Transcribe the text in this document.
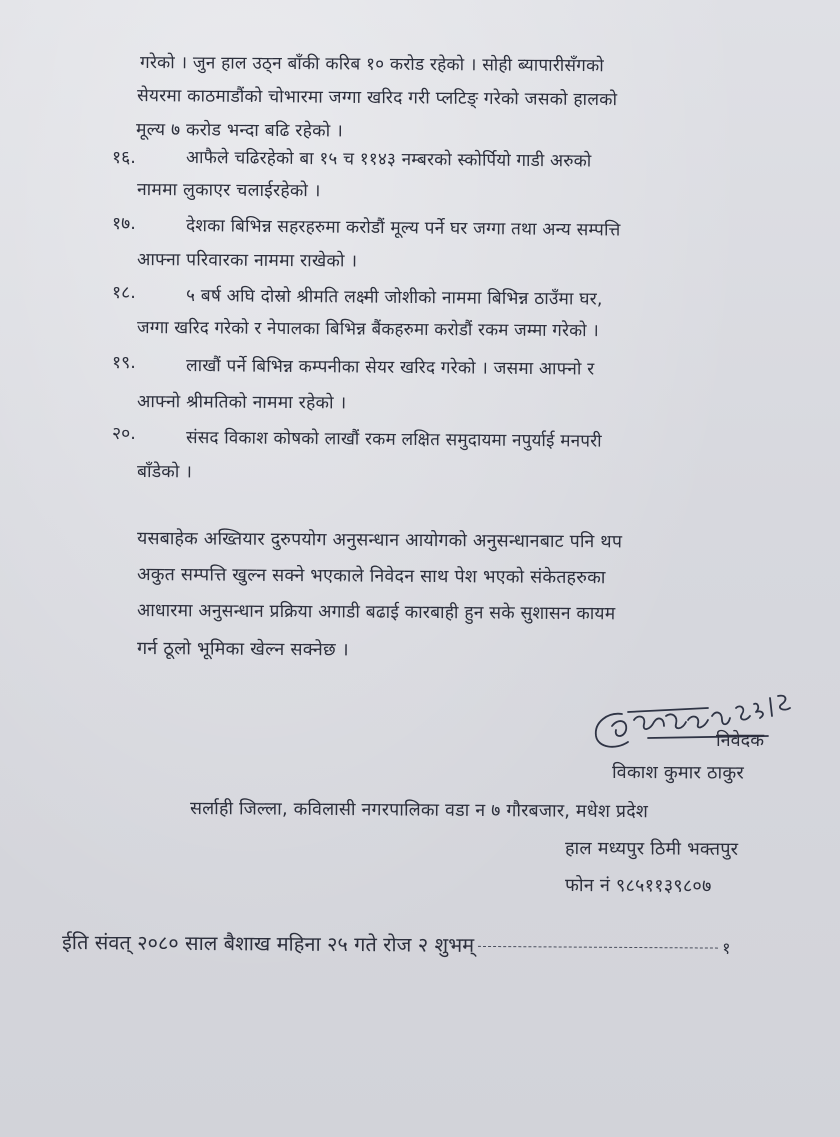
गरेको । जुन हाल उठ्न बाँकी करिब १० करोड रहेको । सोही ब्यापारीसँगको
सेयरमा काठमाडौंको चोभारमा जग्गा खरिद गरी प्लटिङ् गरेको जसको हालको
मूल्य ७ करोड भन्दा बढि रहेको ।
१६.	आफैले चढिरहेको बा १५ च ११४३ नम्बरको स्कोर्पियो गाडी अरुको
नाममा लुकाएर चलाईरहेको ।
१७.	देशका बिभिन्न सहरहरुमा करोडौं मूल्य पर्ने घर जग्गा तथा अन्य सम्पत्ति
आफ्ना परिवारका नाममा राखेको ।
१८.	५ बर्ष अघि दोस्रो श्रीमति लक्ष्मी जोशीको नाममा बिभिन्न ठाउँमा घर,
जग्गा खरिद गरेको र नेपालका बिभिन्न बैंकहरुमा करोडौं रकम जम्मा गरेको ।
१९.	लाखौं पर्ने बिभिन्न कम्पनीका सेयर खरिद गरेको । जसमा आफ्नो र
आफ्नो श्रीमतिको नाममा रहेको ।
२०.	संसद विकाश कोषको लाखौं रकम लक्षित समुदायमा नपुर्याई मनपरी
बाँडेको ।
यसबाहेक अख्तियार दुरुपयोग अनुसन्धान आयोगको अनुसन्धानबाट पनि थप
अकुत सम्पत्ति खुल्न सक्ने भएकाले निवेदन साथ पेश भएको संकेतहरुका
आधारमा अनुसन्धान प्रक्रिया अगाडी बढाई कारबाही हुन सके सुशासन कायम
गर्न ठूलो भूमिका खेल्न सक्नेछ ।
निवेदक
विकाश कुमार ठाकुर
सर्लाही जिल्ला, कविलासी नगरपालिका वडा न ७ गौरबजार, मधेश प्रदेश
हाल मध्यपुर ठिमी भक्तपुर
फोन नं ९८५११३९८०७
ईति संवत् २०८० साल बैशाख महिना २५ गते रोज २ शुभम्	१
